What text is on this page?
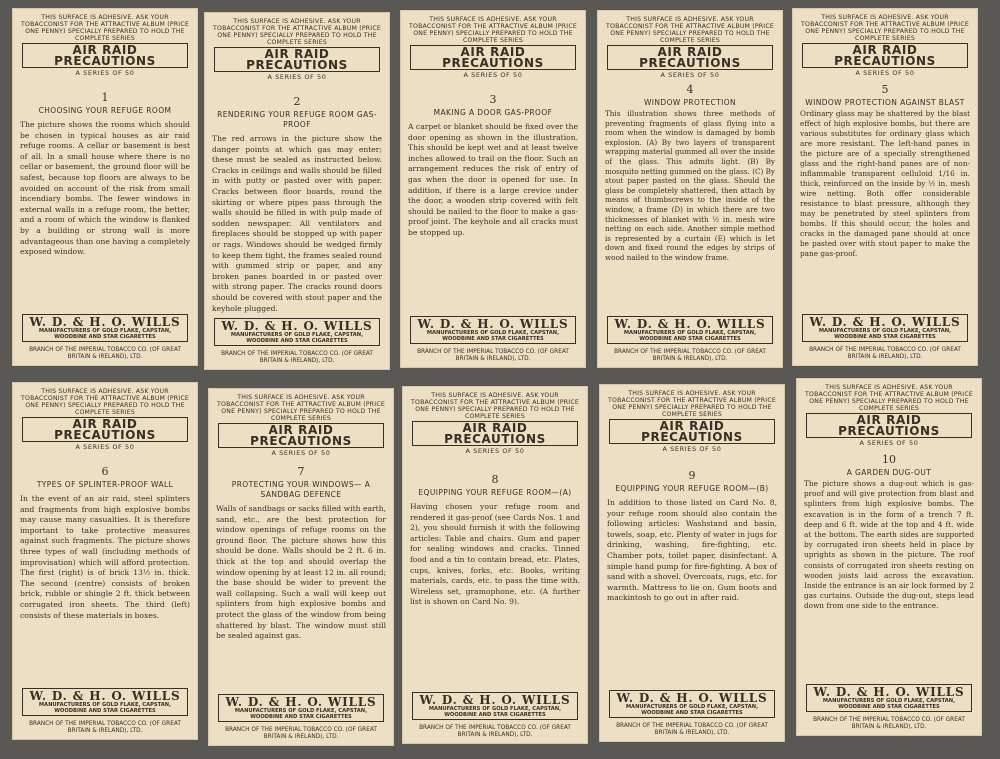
THIS SURFACE IS ADHESIVE. ASK YOUR TOBACCONIST FOR THE ATTRACTIVE ALBUM (PRICE ONE PENNY) SPECIALLY PREPARED TO HOLD THE COMPLETE SERIES
AIR RAID
PRECAUTIONS
A SERIES OF 50
1
CHOOSING YOUR REFUGE ROOM
The picture shows the rooms which should be chosen in typical houses as air raid refuge rooms. A cellar or basement is best of all. In a small house where there is no cellar or basement, the ground floor will be safest, because top floors are always to be avoided on account of the risk from small incendiary bombs. The fewer windows in external walls in a refuge room, the better, and a room of which the window is flanked by a building or strong wall is more advantageous than one having a completely exposed window.
W. D. & H. O. WILLS
MANUFACTURERS OF GOLD FLAKE, CAPSTAN, WOODBINE AND STAR CIGARETTES
BRANCH OF THE IMPERIAL TOBACCO CO. (OF GREAT BRITAIN & IRELAND), LTD.
THIS SURFACE IS ADHESIVE. ASK YOUR TOBACCONIST FOR THE ATTRACTIVE ALBUM (PRICE ONE PENNY) SPECIALLY PREPARED TO HOLD THE COMPLETE SERIES
AIR RAID
PRECAUTIONS
A SERIES OF 50
2
RENDERING YOUR REFUGE ROOM GAS-PROOF
The red arrows in the picture show the danger points at which gas may enter; these must be sealed as instructed below. Cracks in ceilings and walls should be filled in with putty or pasted over with paper. Cracks between floor boards, round the skirting or where pipes pass through the walls should be filled in with pulp made of sodden newspaper. All ventilators and fireplaces should be stopped up with paper or rags. Windows should be wedged firmly to keep them tight, the frames sealed round with gummed strip or paper, and any broken panes boarded in or pasted over with strong paper. The cracks round doors should be covered with stout paper and the keyhole plugged.
W. D. & H. O. WILLS
MANUFACTURERS OF GOLD FLAKE, CAPSTAN, WOODBINE AND STAR CIGARETTES
BRANCH OF THE IMPERIAL TOBACCO CO. (OF GREAT BRITAIN & IRELAND), LTD.
THIS SURFACE IS ADHESIVE. ASK YOUR TOBACCONIST FOR THE ATTRACTIVE ALBUM (PRICE ONE PENNY) SPECIALLY PREPARED TO HOLD THE COMPLETE SERIES
AIR RAID
PRECAUTIONS
A SERIES OF 50
3
MAKING A DOOR GAS-PROOF
A carpet or blanket should be fixed over the door opening as shown in the illustration. This should be kept wet and at least twelve inches allowed to trail on the floor. Such an arrangement reduces the risk of entry of gas when the door is opened for use. In addition, if there is a large crevice under the door, a wooden strip covered with felt should be nailed to the floor to make a gas-proof joint. The keyhole and all cracks must be stopped up.
W. D. & H. O. WILLS
MANUFACTURERS OF GOLD FLAKE, CAPSTAN, WOODBINE AND STAR CIGARETTES
BRANCH OF THE IMPERIAL TOBACCO CO. (OF GREAT BRITAIN & IRELAND), LTD.
THIS SURFACE IS ADHESIVE. ASK YOUR TOBACCONIST FOR THE ATTRACTIVE ALBUM (PRICE ONE PENNY) SPECIALLY PREPARED TO HOLD THE COMPLETE SERIES
AIR RAID
PRECAUTIONS
A SERIES OF 50
4
WINDOW PROTECTION
This illustration shows three methods of preventing fragments of glass flying into a room when the window is damaged by bomb explosion. (A) By two layers of transparent wrapping material gummed all over the inside of the glass. This admits light. (B) By mosquito netting gummed on the glass. (C) By stout paper pasted on the glass. Should the glass be completely shattered, then attach by means of thumbscrews to the inside of the window, a frame (D) in which there are two thicknesses of blanket with ½ in. mesh wire netting on each side. Another simple method is represented by a curtain (E) which is let down and fixed round the edges by strips of wood nailed to the window frame.
W. D. & H. O. WILLS
MANUFACTURERS OF GOLD FLAKE, CAPSTAN, WOODBINE AND STAR CIGARETTES
BRANCH OF THE IMPERIAL TOBACCO CO. (OF GREAT BRITAIN & IRELAND), LTD.
THIS SURFACE IS ADHESIVE. ASK YOUR TOBACCONIST FOR THE ATTRACTIVE ALBUM (PRICE ONE PENNY) SPECIALLY PREPARED TO HOLD THE COMPLETE SERIES
AIR RAID
PRECAUTIONS
A SERIES OF 50
5
WINDOW PROTECTION AGAINST BLAST
Ordinary glass may be shattered by the blast effect of high explosive bombs, but there are various substitutes for ordinary glass which are more resistant. The left-hand panes in the picture are of a specially strengthened glass and the right-hand panes are of non-inflammable transparent celluloid 1/16 in. thick, reinforced on the inside by ½ in. mesh wire netting. Both offer considerable resistance to blast pressure, although they may be penetrated by steel splinters from bombs. If this should occur, the holes and cracks in the damaged pane should at once be pasted over with stout paper to make the pane gas-proof.
W. D. & H. O. WILLS
MANUFACTURERS OF GOLD FLAKE, CAPSTAN, WOODBINE AND STAR CIGARETTES
BRANCH OF THE IMPERIAL TOBACCO CO. (OF GREAT BRITAIN & IRELAND), LTD.
THIS SURFACE IS ADHESIVE. ASK YOUR TOBACCONIST FOR THE ATTRACTIVE ALBUM (PRICE ONE PENNY) SPECIALLY PREPARED TO HOLD THE COMPLETE SERIES
AIR RAID
PRECAUTIONS
A SERIES OF 50
6
TYPES OF SPLINTER-PROOF WALL
In the event of an air raid, steel splinters and fragments from high explosive bombs may cause many casualties. It is therefore important to take protective measures against such fragments. The picture shows three types of wall (including methods of improvisation) which will afford protection. The first (right) is of brick 13½ in. thick. The second (centre) consists of broken brick, rubble or shingle 2 ft. thick between corrugated iron sheets. The third (left) consists of these materials in boxes.
W. D. & H. O. WILLS
MANUFACTURERS OF GOLD FLAKE, CAPSTAN, WOODBINE AND STAR CIGARETTES
BRANCH OF THE IMPERIAL TOBACCO CO. (OF GREAT BRITAIN & IRELAND), LTD.
THIS SURFACE IS ADHESIVE. ASK YOUR TOBACCONIST FOR THE ATTRACTIVE ALBUM (PRICE ONE PENNY) SPECIALLY PREPARED TO HOLD THE COMPLETE SERIES
AIR RAID
PRECAUTIONS
A SERIES OF 50
7
PROTECTING YOUR WINDOWS— A SANDBAG DEFENCE
Walls of sandbags or sacks filled with earth, sand, etc., are the best protection for window openings of refuge rooms on the ground floor. The picture shows how this should be done. Walls should be 2 ft. 6 in. thick at the top and should overlap the window opening by at least 12 in. all round; the base should be wider to prevent the wall collapsing. Such a wall will keep out splinters from high explosive bombs and protect the glass of the window from being shattered by blast. The window must still be sealed against gas.
W. D. & H. O. WILLS
MANUFACTURERS OF GOLD FLAKE, CAPSTAN, WOODBINE AND STAR CIGARETTES
BRANCH OF THE IMPERIAL TOBACCO CO. (OF GREAT BRITAIN & IRELAND), LTD.
THIS SURFACE IS ADHESIVE. ASK YOUR TOBACCONIST FOR THE ATTRACTIVE ALBUM (PRICE ONE PENNY) SPECIALLY PREPARED TO HOLD THE COMPLETE SERIES
AIR RAID
PRECAUTIONS
A SERIES OF 50
8
EQUIPPING YOUR REFUGE ROOM—(A)
Having chosen your refuge room and rendered it gas-proof (see Cards Nos. 1 and 2), you should furnish it with the following articles: Table and chairs. Gum and paper for sealing windows and cracks. Tinned food and a tin to contain bread, etc. Plates, cups, knives, forks, etc. Books, writing materials, cards, etc. to pass the time with. Wireless set, gramophone, etc. (A further list is shown on Card No. 9).
W. D. & H. O. WILLS
MANUFACTURERS OF GOLD FLAKE, CAPSTAN, WOODBINE AND STAR CIGARETTES
BRANCH OF THE IMPERIAL TOBACCO CO. (OF GREAT BRITAIN & IRELAND), LTD.
THIS SURFACE IS ADHESIVE. ASK YOUR TOBACCONIST FOR THE ATTRACTIVE ALBUM (PRICE ONE PENNY) SPECIALLY PREPARED TO HOLD THE COMPLETE SERIES
AIR RAID
PRECAUTIONS
A SERIES OF 50
9
EQUIPPING YOUR REFUGE ROOM—(B)
In addition to those listed on Card No. 8, your refuge room should also contain the following articles: Washstand and basin, towels, soap, etc. Plenty of water in jugs for drinking, washing, fire-fighting, etc. Chamber pots, toilet paper, disinfectant. A simple hand pump for fire-fighting. A box of sand with a shovel. Overcoats, rugs, etc. for warmth. Mattress to lie on. Gum boots and mackintosh to go out in after raid.
W. D. & H. O. WILLS
MANUFACTURERS OF GOLD FLAKE, CAPSTAN, WOODBINE AND STAR CIGARETTES
BRANCH OF THE IMPERIAL TOBACCO CO. (OF GREAT BRITAIN & IRELAND), LTD.
THIS SURFACE IS ADHESIVE. ASK YOUR TOBACCONIST FOR THE ATTRACTIVE ALBUM (PRICE ONE PENNY) SPECIALLY PREPARED TO HOLD THE COMPLETE SERIES
AIR RAID
PRECAUTIONS
A SERIES OF 50
10
A GARDEN DUG-OUT
The picture shows a dug-out which is gas-proof and will give protection from blast and splinters from high explosive bombs. The excavation is in the form of a trench 7 ft. deep and 6 ft. wide at the top and 4 ft. wide at the bottom. The earth sides are supported by corrugated iron sheets held in place by uprights as shown in the picture. The roof consists of corrugated iron sheets resting on wooden joists laid across the excavation. Inside the entrance is an air lock formed by 2 gas curtains. Outside the dug-out, steps lead down from one side to the entrance.
W. D. & H. O. WILLS
MANUFACTURERS OF GOLD FLAKE, CAPSTAN, WOODBINE AND STAR CIGARETTES
BRANCH OF THE IMPERIAL TOBACCO CO. (OF GREAT BRITAIN & IRELAND), LTD.
